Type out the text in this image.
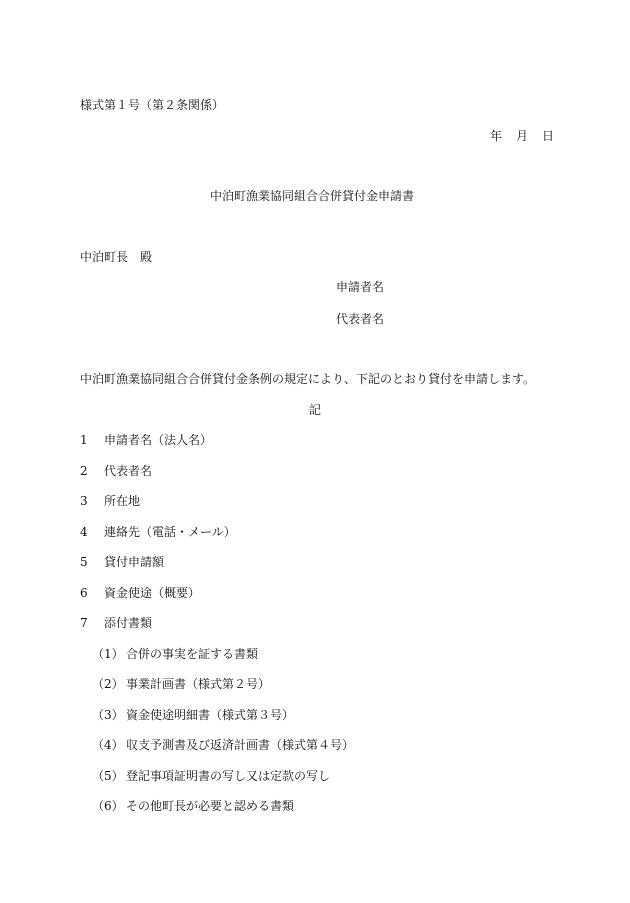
様式第１号（第２条関係）
年 月 日
中泊町漁業協同組合合併貸付金申請書
中泊町長　殿
申請者名
代表者名
中泊町漁業協同組合合併貸付金条例の規定により、下記のとおり貸付を申請します。
記
1 申請者名（法人名）
2 代表者名
3 所在地
4 連絡先（電話・メール）
5 貸付申請額
6 資金使途（概要）
7 添付書類
（1） 合併の事実を証する書類
（2） 事業計画書（様式第２号）
（3） 資金使途明細書（様式第３号）
（4） 収支予測書及び返済計画書（様式第４号）
（5） 登記事項証明書の写し又は定款の写し
（6） その他町長が必要と認める書類
